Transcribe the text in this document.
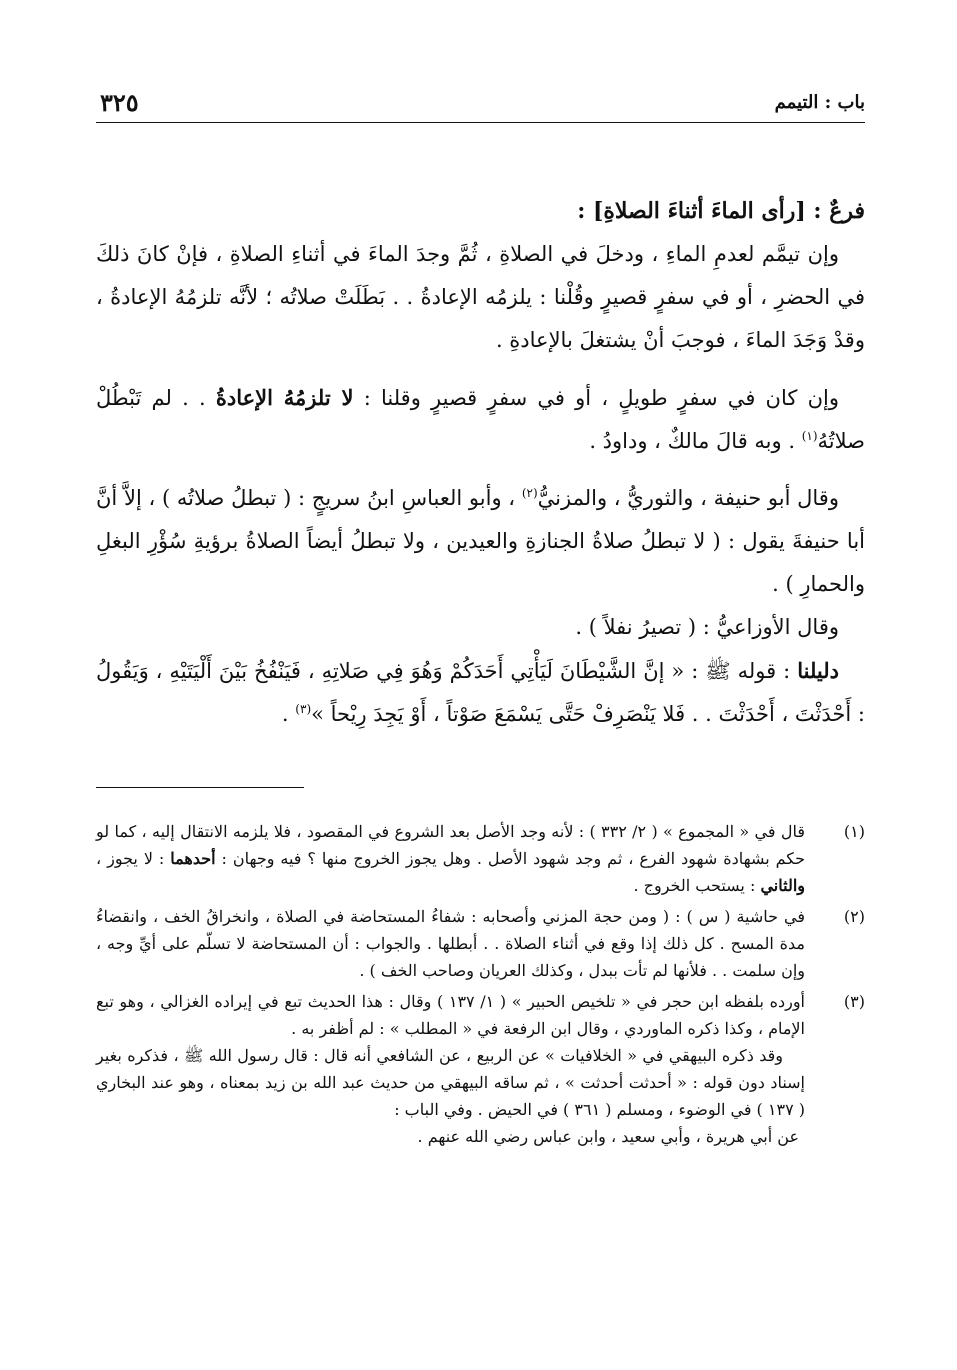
باب : التيمم
٣٢٥

فرعٌ : [رأى الماءَ أثناءَ الصلاةِ] :

وإن تيمَّم لعدمِ الماءِ ، ودخلَ في الصلاةِ ، ثُمَّ وجدَ الماءَ في أثناءِ الصلاةِ ، فإنْ كانَ ذلكَ في الحضرِ ، أو في سفرٍ قصيرٍ وقُلْنا : يلزمُه الإعادةُ . . بَطَلَتْ صلاتُه ؛ لأنَّه تلزمُهُ الإعادةُ ، وقدْ وَجَدَ الماءَ ، فوجبَ أنْ يشتغلَ بالإعادةِ .

وإن كان في سفرٍ طويلٍ ، أو في سفرٍ قصيرٍ وقلنا : لا تلزمُهُ الإعادةُ . . لم تَبْطُلْ صلاتُهُ$^{(١)}$ . وبه قالَ مالكٌ ، وداودُ .

وقال أبو حنيفة ، والثوريُّ ، والمزنيُّ$^{(٢)}$ ، وأبو العباسِ ابنُ سريجٍ : ( تبطلُ صلاتُه ) ، إلاَّ أنَّ أبا حنيفةَ يقول : ( لا تبطلُ صلاةُ الجنازةِ والعيدين ، ولا تبطلُ أيضاً الصلاةُ برؤيةِ سُؤْرِ البغلِ والحمارِ ) .

وقال الأوزاعيُّ : ( تصيرُ نفلاً ) .

دليلنا : قوله ﷺ : « إنَّ الشَّيْطَانَ لَيَأْتِي أَحَدَكُمْ وَهُوَ فِي صَلاتِهِ ، فَيَنْفُخُ بَيْنَ أَلْيَتَيْهِ ، وَيَقُولُ : أَحْدَثْتَ ، أَحْدَثْتَ . . فَلا يَنْصَرِفْ حَتَّى يَسْمَعَ صَوْتاً ، أَوْ يَجِدَ رِيْحاً »$^{(٣)}$ .

(١)
قال في « المجموع » ( ٢/ ٣٣٢ ) : لأنه وجد الأصل بعد الشروع في المقصود ، فلا يلزمه الانتقال إليه ، كما لو حكم بشهادة شهود الفرع ، ثم وجد شهود الأصل . وهل يجوز الخروج منها ؟ فيه وجهان : أحدهما : لا يجوز ، والثاني : يستحب الخروج .
(٢)
في حاشية ( س ) : ( ومن حجة المزني وأصحابه : شفاءُ المستحاضة في الصلاة ، وانخراقُ الخف ، وانقضاءُ مدة المسح . كل ذلك إذا وقع في أثناء الصلاة . . أبطلها . والجواب : أن المستحاضة لا تسلّم على أيِّ وجه ، وإن سلمت . . فلأنها لم تأت ببدل ، وكذلك العريان وصاحب الخف ) .
(٣)
أورده بلفظه ابن حجر في « تلخيص الحبير » ( ١/ ١٣٧ ) وقال : هذا الحديث تبع في إيراده الغزالي ، وهو تبع الإمام ، وكذا ذكره الماوردي ، وقال ابن الرفعة في « المطلب » : لم أظفر به .
وقد ذكره البيهقي في « الخلافيات » عن الربيع ، عن الشافعي أنه قال : قال رسول الله ﷺ ، فذكره بغير إسناد دون قوله : « أحدثت أحدثت » ، ثم ساقه البيهقي من حديث عبد الله بن زيد بمعناه ، وهو عند البخاري ( ١٣٧ ) في الوضوء ، ومسلم ( ٣٦١ ) في الحيض . وفي الباب :
عن أبي هريرة ، وأبي سعيد ، وابن عباس رضي الله عنهم .
